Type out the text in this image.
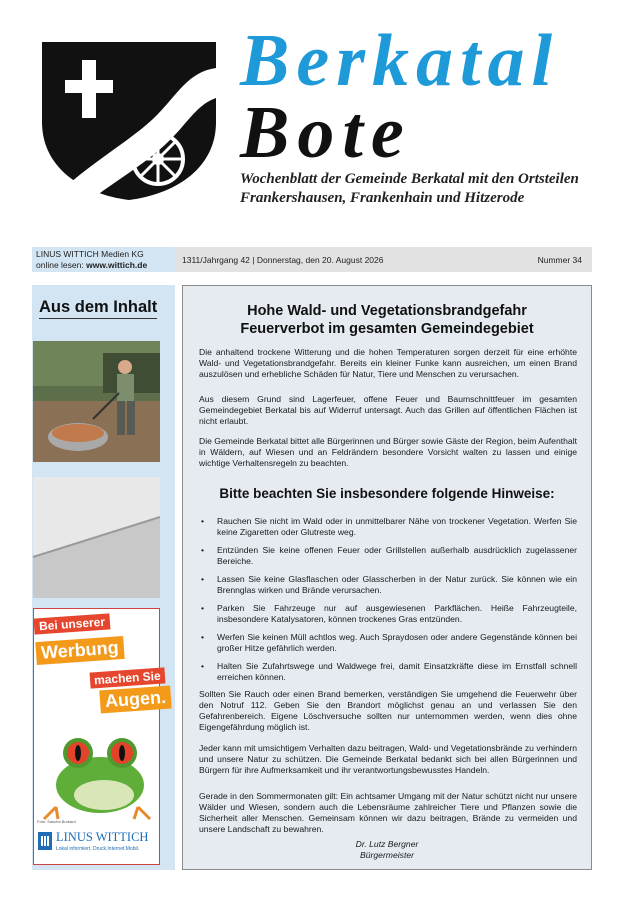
Berkatal
Bote
Wochenblatt der Gemeinde Berkatal mit den Ortsteilen Frankershausen, Frankenhain und Hitzerode
LINUS WITTICH Medien KG
online lesen: www.wittich.de	1311/Jahrgang 42 | Donnerstag, den 20. August 2026	Nummer 34
Aus dem Inhalt
Bei unserer
Werbung
machen Sie
Augen.
Foto: Sascha Burkard
LINUS WITTICH
Lokal informiert. Druck.Internet.Mobil.
Hohe Wald- und Vegetationsbrandgefahr
Feuerverbot im gesamten Gemeindegebiet
Die anhaltend trockene Witterung und die hohen Temperaturen sorgen derzeit für eine erhöhte Wald- und Vegetationsbrandgefahr. Bereits ein kleiner Funke kann ausreichen, um einen Brand auszulösen und erhebliche Schäden für Natur, Tiere und Menschen zu verursachen.
Aus diesem Grund sind Lagerfeuer, offene Feuer und Baumschnittfeuer im gesamten Gemeindegebiet Berkatal bis auf Widerruf untersagt. Auch das Grillen auf öffentlichen Flächen ist nicht erlaubt.
Die Gemeinde Berkatal bittet alle Bürgerinnen und Bürger sowie Gäste der Region, beim Aufenthalt in Wäldern, auf Wiesen und an Feldrändern besondere Vorsicht walten zu lassen und einige wichtige Verhaltensregeln zu beachten.
Bitte beachten Sie insbesondere folgende Hinweise:
• Rauchen Sie nicht im Wald oder in unmittelbarer Nähe von trockener Vegetation. Werfen Sie keine Zigaretten oder Glutreste weg.
• Entzünden Sie keine offenen Feuer oder Grillstellen außerhalb ausdrücklich zugelassener Bereiche.
• Lassen Sie keine Glasflaschen oder Glasscherben in der Natur zurück. Sie können wie ein Brennglas wirken und Brände verursachen.
• Parken Sie Fahrzeuge nur auf ausgewiesenen Parkflächen. Heiße Fahrzeugteile, insbesondere Katalysatoren, können trockenes Gras entzünden.
• Werfen Sie keinen Müll achtlos weg. Auch Spraydosen oder andere Gegenstände können bei großer Hitze gefährlich werden.
• Halten Sie Zufahrtswege und Waldwege frei, damit Einsatzkräfte diese im Ernstfall schnell erreichen können.
Sollten Sie Rauch oder einen Brand bemerken, verständigen Sie umgehend die Feuerwehr über den Notruf 112. Geben Sie den Brandort möglichst genau an und verlassen Sie den Gefahrenbereich. Eigene Löschversuche sollten nur unternommen werden, wenn dies ohne Eigengefährdung möglich ist.
Jeder kann mit umsichtigem Verhalten dazu beitragen, Wald- und Vegetationsbrände zu verhindern und unsere Natur zu schützen. Die Gemeinde Berkatal bedankt sich bei allen Bürgerinnen und Bürgern für ihre Aufmerksamkeit und ihr verantwortungsbewusstes Handeln.
Gerade in den Sommermonaten gilt: Ein achtsamer Umgang mit der Natur schützt nicht nur unsere Wälder und Wiesen, sondern auch die Lebensräume zahlreicher Tiere und Pflanzen sowie die Sicherheit aller Menschen. Gemeinsam können wir dazu beitragen, Brände zu vermeiden und unsere Landschaft zu bewahren.
Dr. Lutz Bergner
Bürgermeister
